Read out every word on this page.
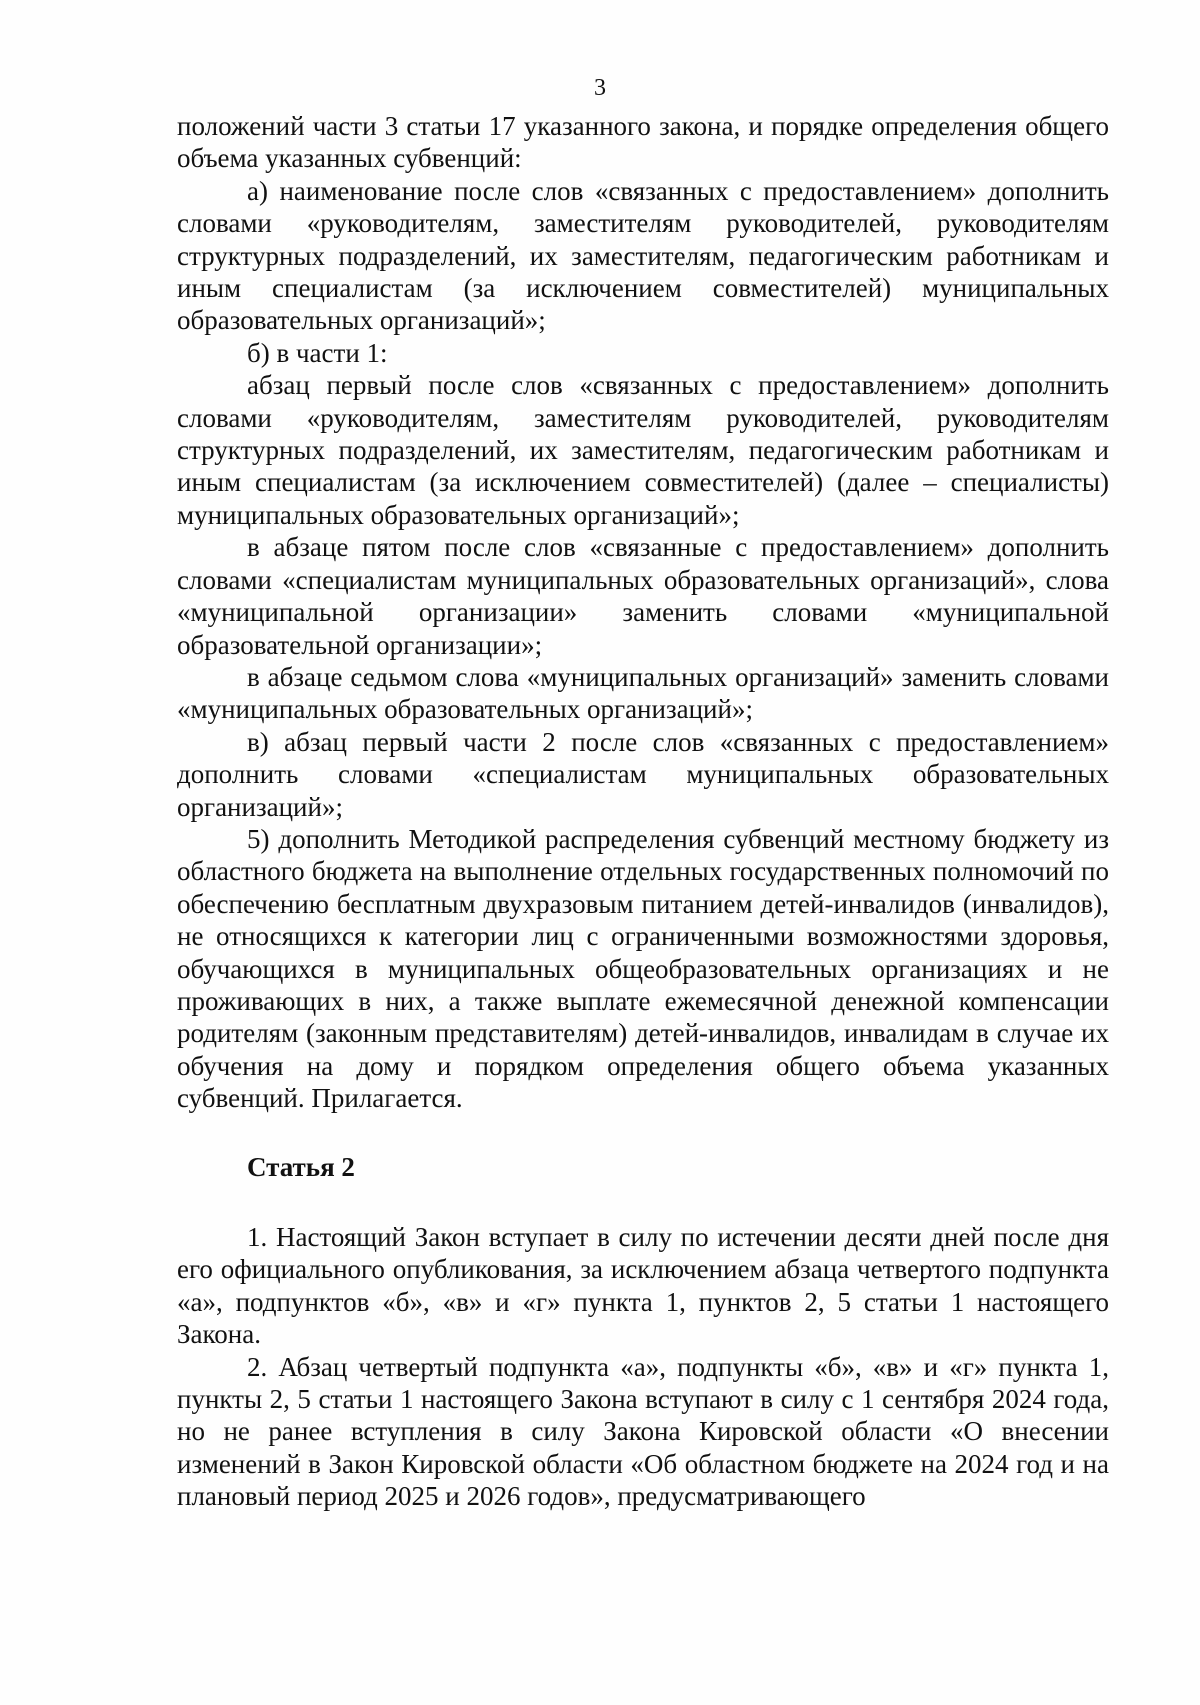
3

положений части 3 статьи 17 указанного закона, и порядке определения общего объема указанных субвенций:

а) наименование после слов «связанных с предоставлением» дополнить словами «руководителям, заместителям руководителей, руководителям структурных подразделений, их заместителям, педагогическим работникам и иным специалистам (за исключением совместителей) муниципальных образовательных организаций»;

б) в части 1:

абзац первый после слов «связанных с предоставлением» дополнить словами «руководителям, заместителям руководителей, руководителям структурных подразделений, их заместителям, педагогическим работникам и иным специалистам (за исключением совместителей) (далее – специалисты) муниципальных образовательных организаций»;

в абзаце пятом после слов «связанные с предоставлением» дополнить словами «специалистам муниципальных образовательных организаций», слова «муниципальной организации» заменить словами «муниципальной образовательной организации»;

в абзаце седьмом слова «муниципальных организаций» заменить словами «муниципальных образовательных организаций»;

в) абзац первый части 2 после слов «связанных с предоставлением» дополнить словами «специалистам муниципальных образовательных организаций»;

5) дополнить Методикой распределения субвенций местному бюджету из областного бюджета на выполнение отдельных государственных полномочий по обеспечению бесплатным двухразовым питанием детей-инвалидов (инвалидов), не относящихся к категории лиц с ограниченными возможностями здоровья, обучающихся в муниципальных общеобразовательных организациях и не проживающих в них, а также выплате ежемесячной денежной компенсации родителям (законным представителям) детей-инвалидов, инвалидам в случае их обучения на дому и порядком определения общего объема указанных субвенций. Прилагается.

Статья 2

1. Настоящий Закон вступает в силу по истечении десяти дней после дня его официального опубликования, за исключением абзаца четвертого подпункта «а», подпунктов «б», «в» и «г» пункта 1, пунктов 2, 5 статьи 1 настоящего Закона.

2. Абзац четвертый подпункта «а», подпункты «б», «в» и «г» пункта 1, пункты 2, 5 статьи 1 настоящего Закона вступают в силу с 1 сентября 2024 года, но не ранее вступления в силу Закона Кировской области «О внесении изменений в Закон Кировской области «Об областном бюджете на 2024 год и на плановый период 2025 и 2026 годов», предусматривающего
